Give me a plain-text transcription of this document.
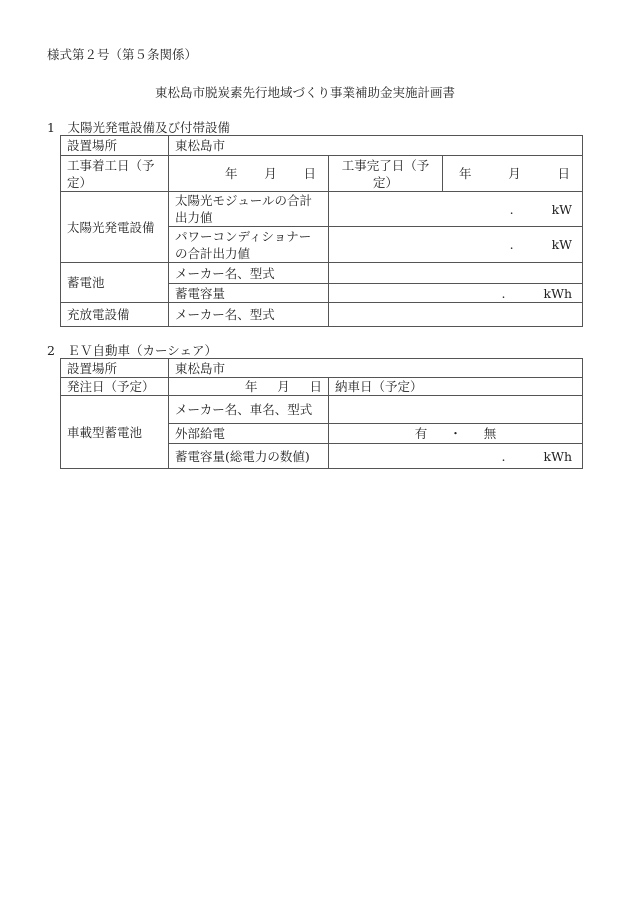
様式第２号（第５条関係）
東松島市脱炭素先行地域づくり事業補助金実施計画書
1　太陽光発電設備及び付帯設備
設置場所	東松島市		
工事着工日（予定）	年 月 日	工事完了日（予定）	年 月 日

太陽光発電設備	太陽光モジュールの合計出力値	. kW	

	パワーコンディショナーの合計出力値	. kW	

蓄電池	メーカー名、型式		
	蓄電容量	. kWh	

充放電設備	メーカー名、型式		
2　ＥＶ自動車（カーシェア）
設置場所	東松島市	
発注日（予定）	年 月 日	納車日（予定）
車載型蓄電池	メーカー名、車名、型式	
	外部給電	有 ・ 無

	蓄電容量(総電力の数値)	. kWh
